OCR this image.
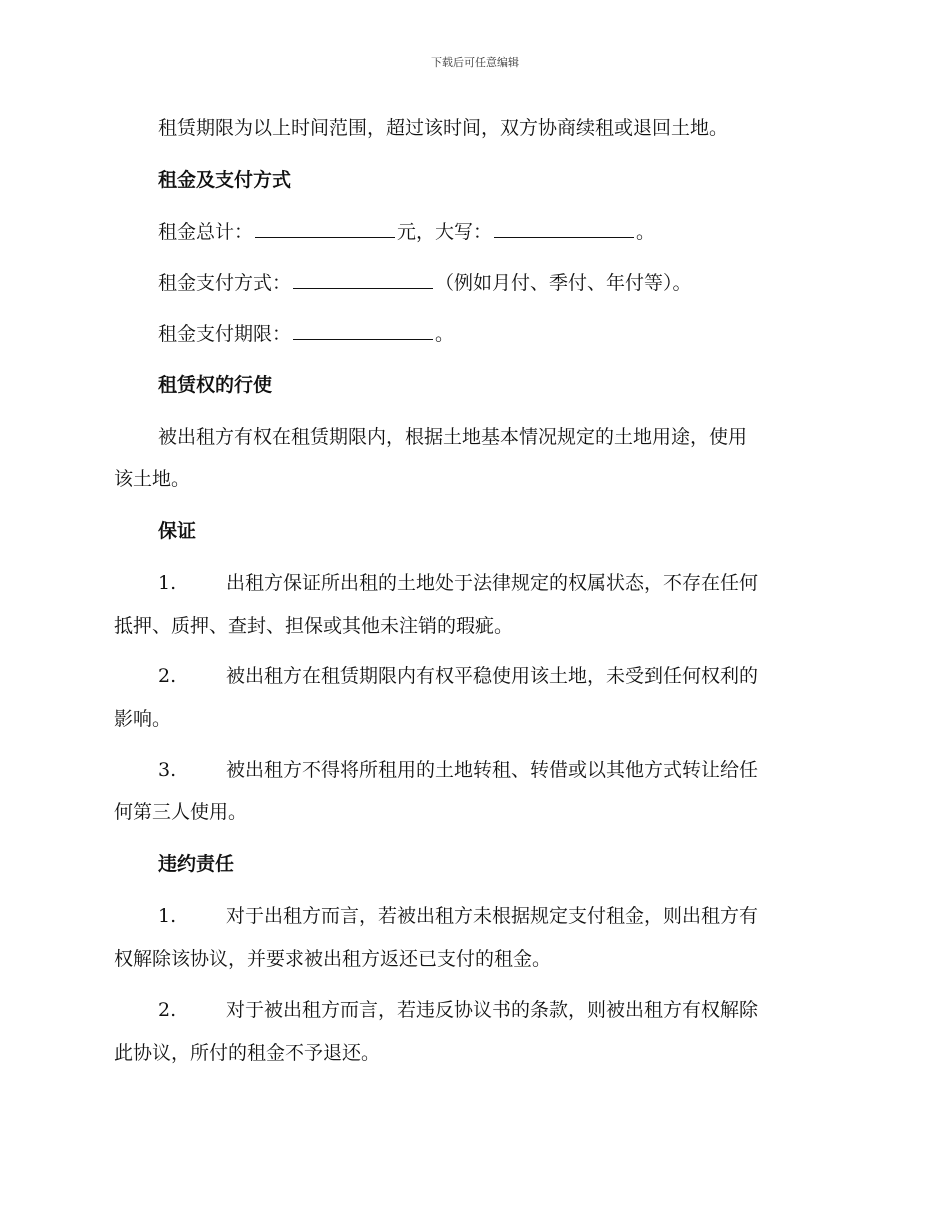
下载后可任意编辑
租赁期限为以上时间范围，超过该时间，双方协商续租或退回土地。
租金及支付方式
租金总计：	元，大写：	。
租金支付方式：	（例如月付、季付、年付等）。
租金支付期限：	。
租赁权的行使
被出租方有权在租赁期限内，根据土地基本情况规定的土地用途，使用
该土地。
保证
1.	出租方保证所出租的土地处于法律规定的权属状态，不存在任何
抵押、质押、查封、担保或其他未注销的瑕疵。
2.	被出租方在租赁期限内有权平稳使用该土地，未受到任何权利的
影响。
3.	被出租方不得将所租用的土地转租、转借或以其他方式转让给任
何第三人使用。
违约责任
1.	对于出租方而言，若被出租方未根据规定支付租金，则出租方有
权解除该协议，并要求被出租方返还已支付的租金。
2.	对于被出租方而言，若违反协议书的条款，则被出租方有权解除
此协议，所付的租金不予退还。
